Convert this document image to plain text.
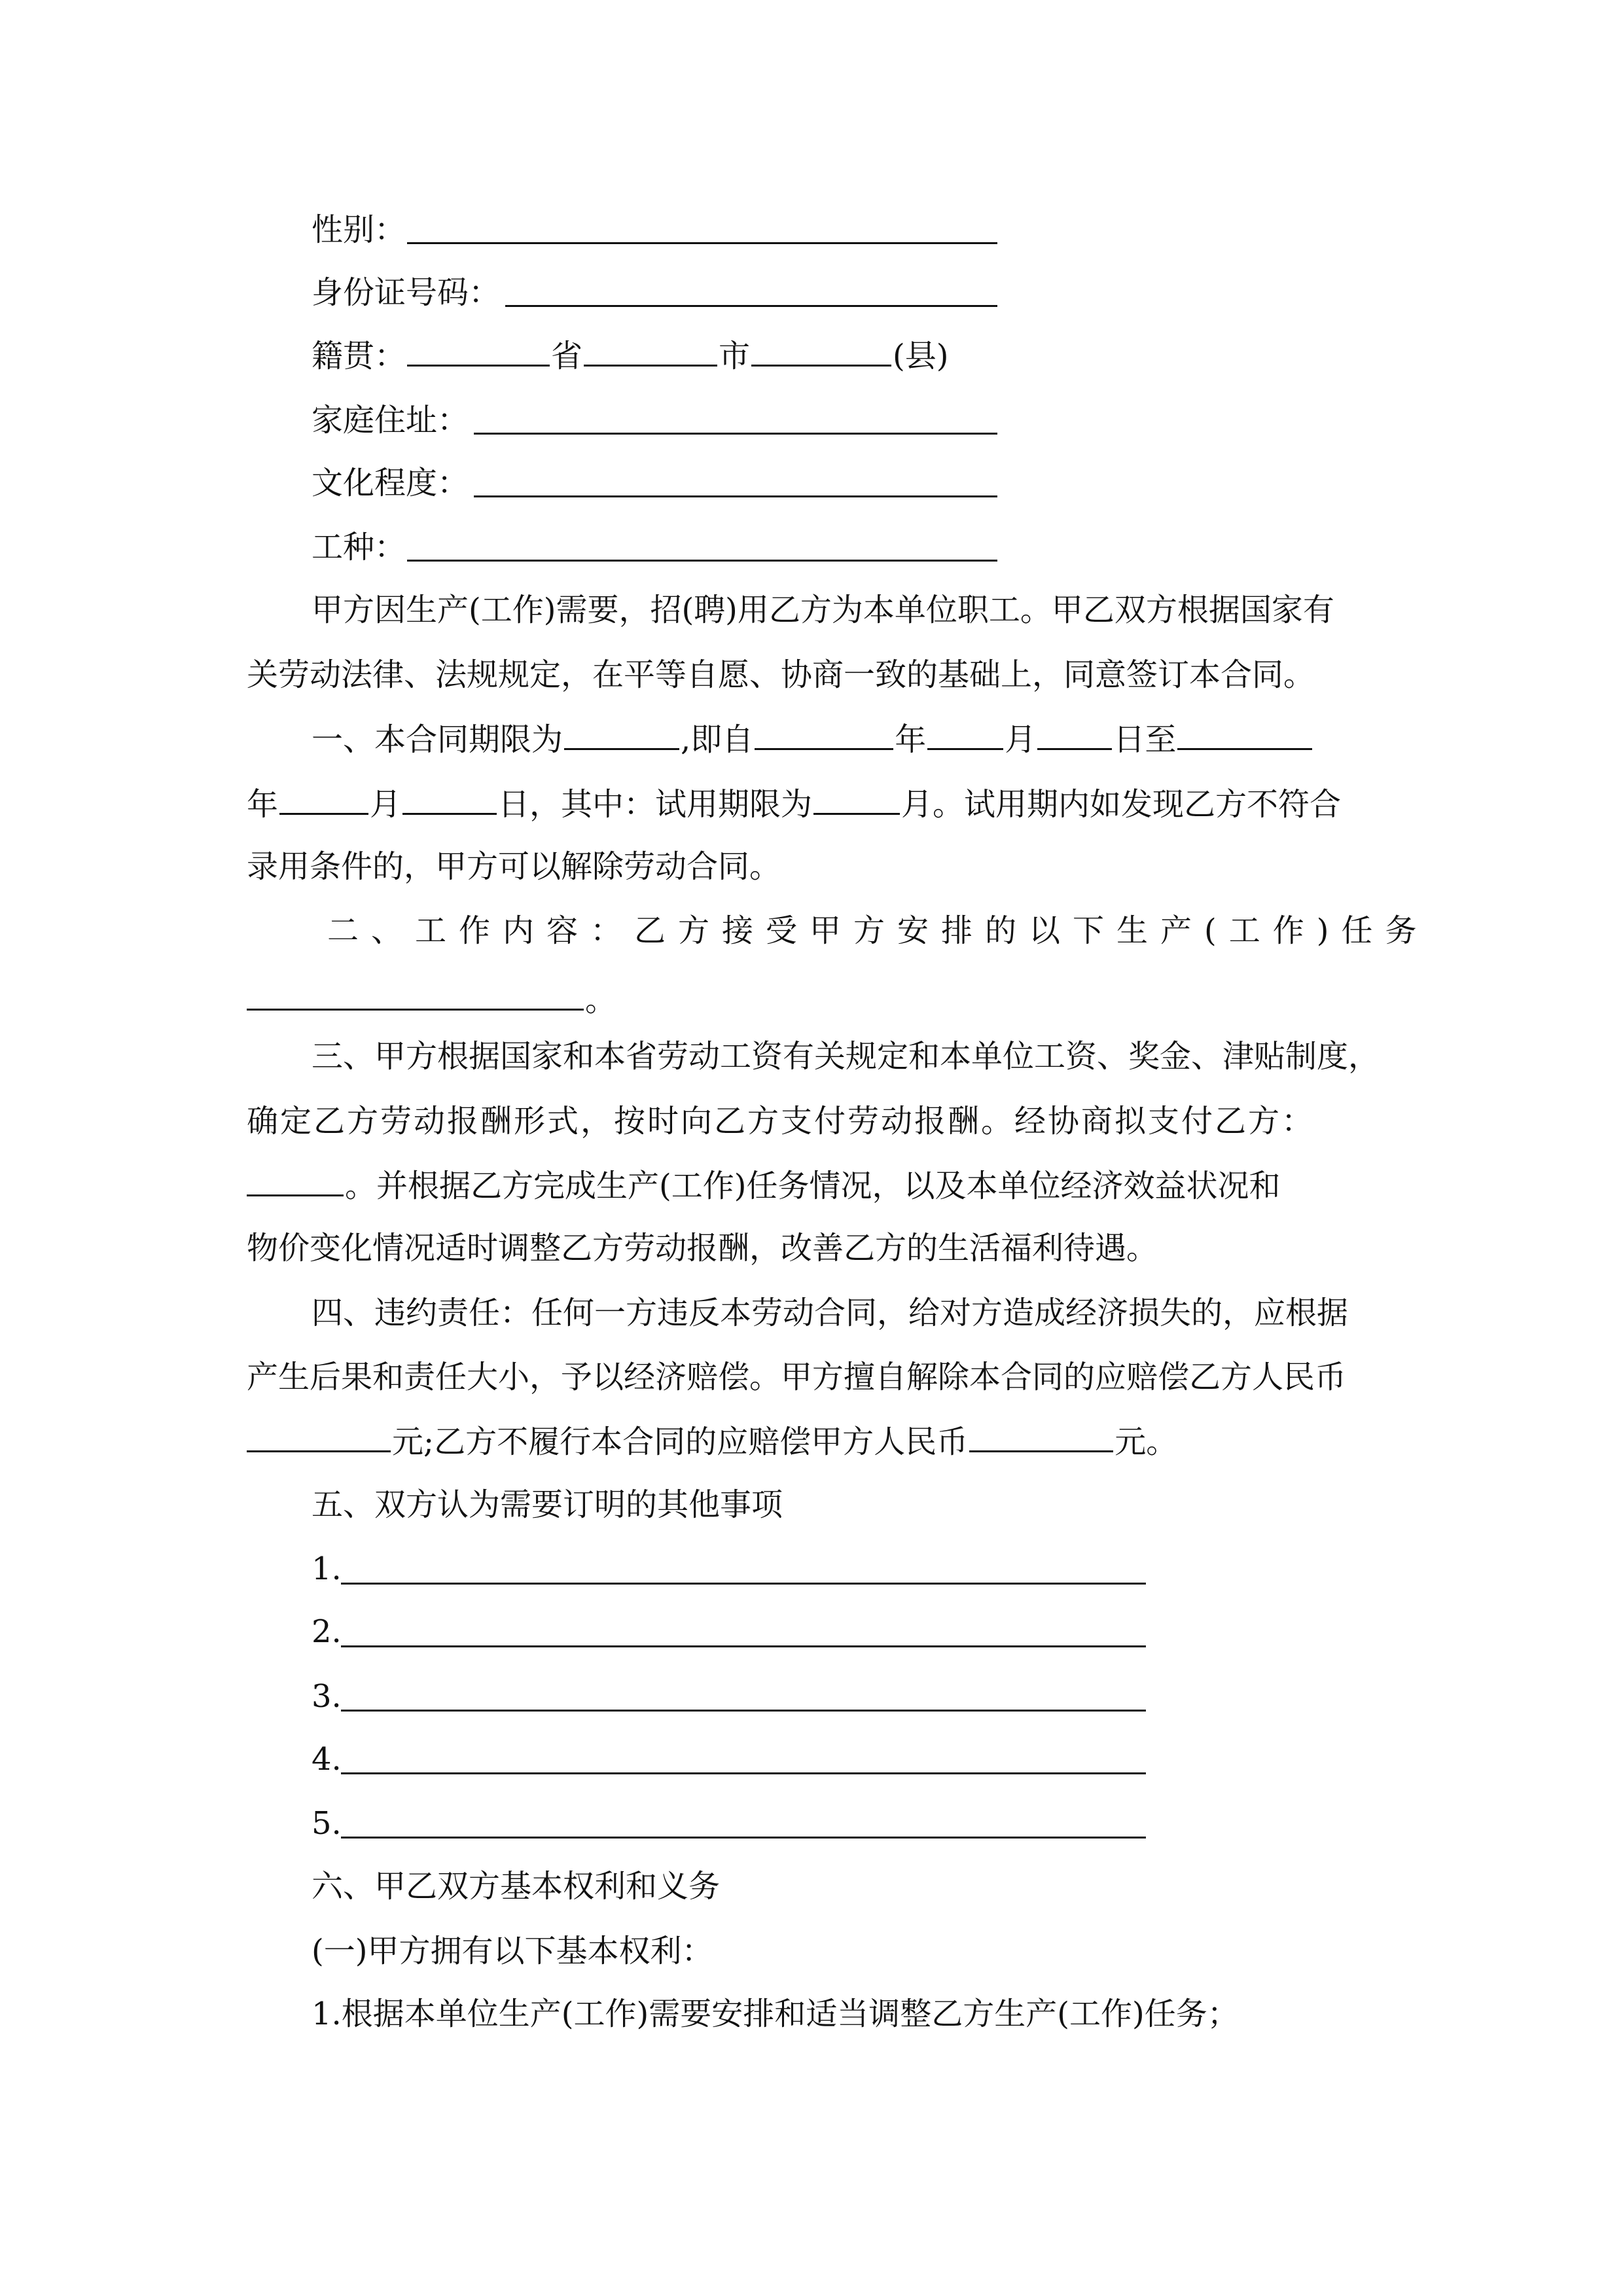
性别：
身份证号码：
籍贯：	省	市	(县)
家庭住址：
文化程度：
工种：
甲方因生产(工作)需要，招(聘)用乙方为本单位职工。甲乙双方根据国家有
关劳动法律、法规规定，在平等自愿、协商一致的基础上，同意签订本合同。
一、本合同期限为	,即自	年	月 日至
年	月	日，其中：试用期限为	月。试用期内如发现乙方不符合
录用条件的，甲方可以解除劳动合同。
二、工作内容：乙方接受甲方安排的以下生产(工作)任务
。
三、甲方根据国家和本省劳动工资有关规定和本单位工资、奖金、津贴制度，
确定乙方劳动报酬形式，按时向乙方支付劳动报酬。经协商拟支付乙方：
。并根据乙方完成生产(工作)任务情况，以及本单位经济效益状况和
物价变化情况适时调整乙方劳动报酬，改善乙方的生活福利待遇。
四、违约责任：任何一方违反本劳动合同，给对方造成经济损失的，应根据
产生后果和责任大小，予以经济赔偿。甲方擅自解除本合同的应赔偿乙方人民币
元;乙方不履行本合同的应赔偿甲方人民币	元。
五、双方认为需要订明的其他事项
1.
2.
3.
4.
5.
六、甲乙双方基本权利和义务
(一)甲方拥有以下基本权利：
1.根据本单位生产(工作)需要安排和适当调整乙方生产(工作)任务；
